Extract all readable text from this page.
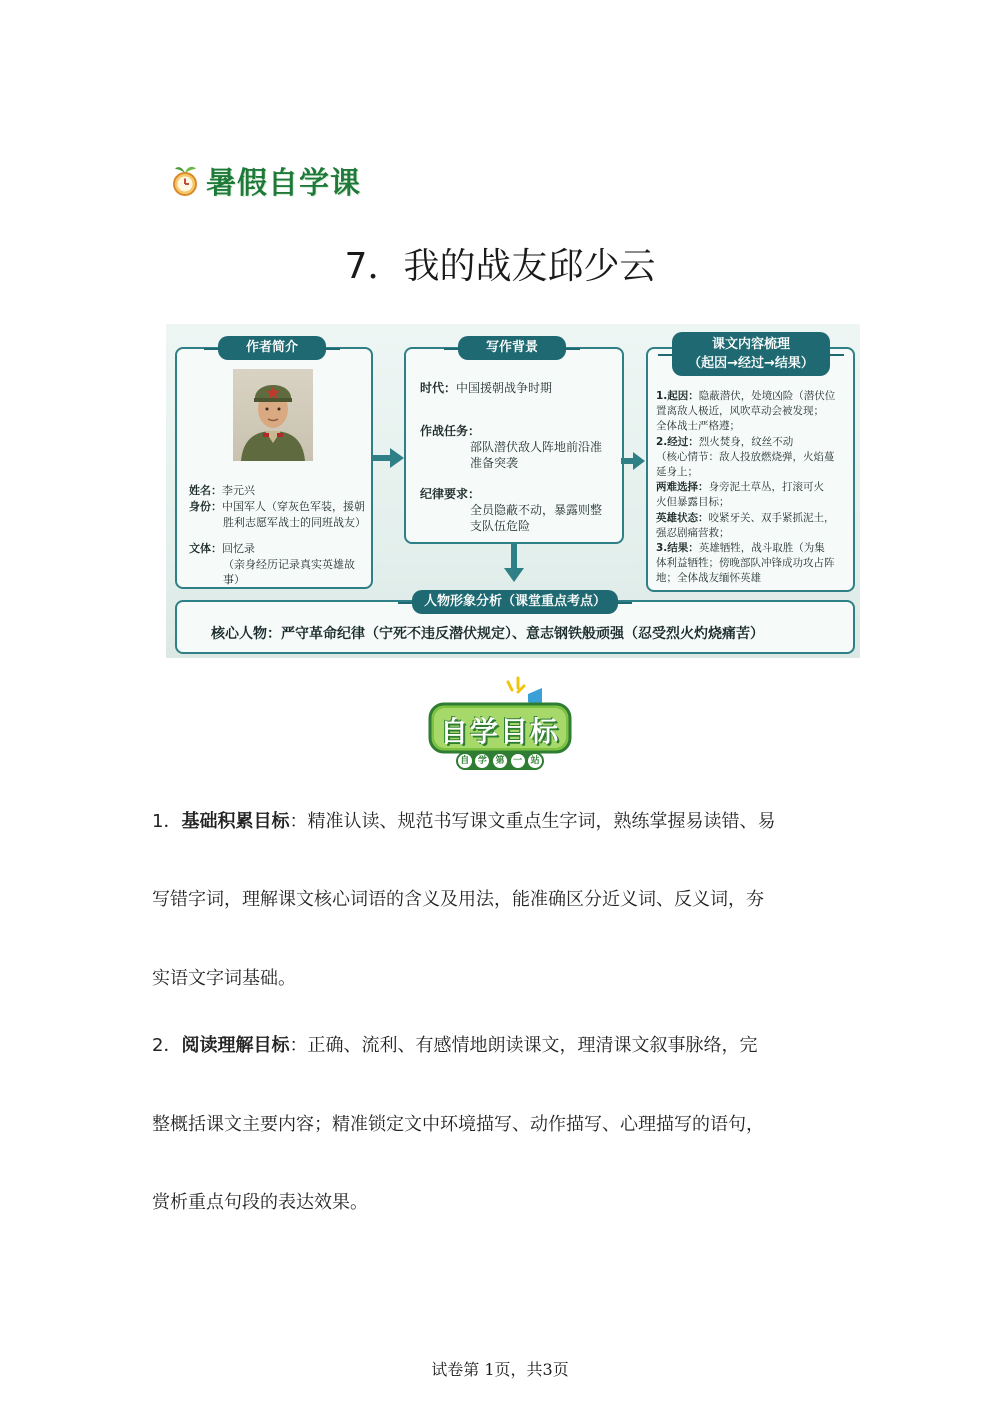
暑假自学课
7．我的战友邱少云
姓名：李元兴
身份：中国军人（穿灰色军装，援朝
胜利志愿军战士的同班战友）
文体：回忆录
（亲身经历记录真实英雄故事）
作者简介
时代：中国援朝战争时期
作战任务：
部队潜伏敌人阵地前沿准
准备突袭
纪律要求：
全员隐蔽不动，暴露则整
支队伍危险
写作背景
1.起因：隐蔽潜伏，处境凶险（潜伏位
置离敌人极近，风吹草动会被发现；
全体战士严格遵；
2.经过：烈火焚身，纹丝不动
（核心情节：敌人投放燃烧弹，火焰蔓
延身上；
两难选择：身旁泥土草丛，打滚可火
火但暴露目标；
英雄状态：咬紧牙关、双手紧抓泥土，
强忍剧痛营救；
3.结果：英雄牺牲，战斗取胜（为集
体利益牺牲；傍晚部队冲锋成功攻占阵
地；全体战友缅怀英雄
课文内容梳理
（起因→经过→结果）
核心人物：严守革命纪律（宁死不违反潜伏规定）、意志钢铁般顽强（忍受烈火灼烧痛苦）
人物形象分析（课堂重点考点）
自学目标
自 学 第 一 站
1．基础积累目标：精准认读、规范书写课文重点生字词，熟练掌握易读错、易
写错字词，理解课文核心词语的含义及用法，能准确区分近义词、反义词，夯
实语文字词基础。
2．阅读理解目标：正确、流利、有感情地朗读课文，理清课文叙事脉络，完
整概括课文主要内容；精准锁定文中环境描写、动作描写、心理描写的语句，
赏析重点句段的表达效果。
试卷第 1页，共3页
